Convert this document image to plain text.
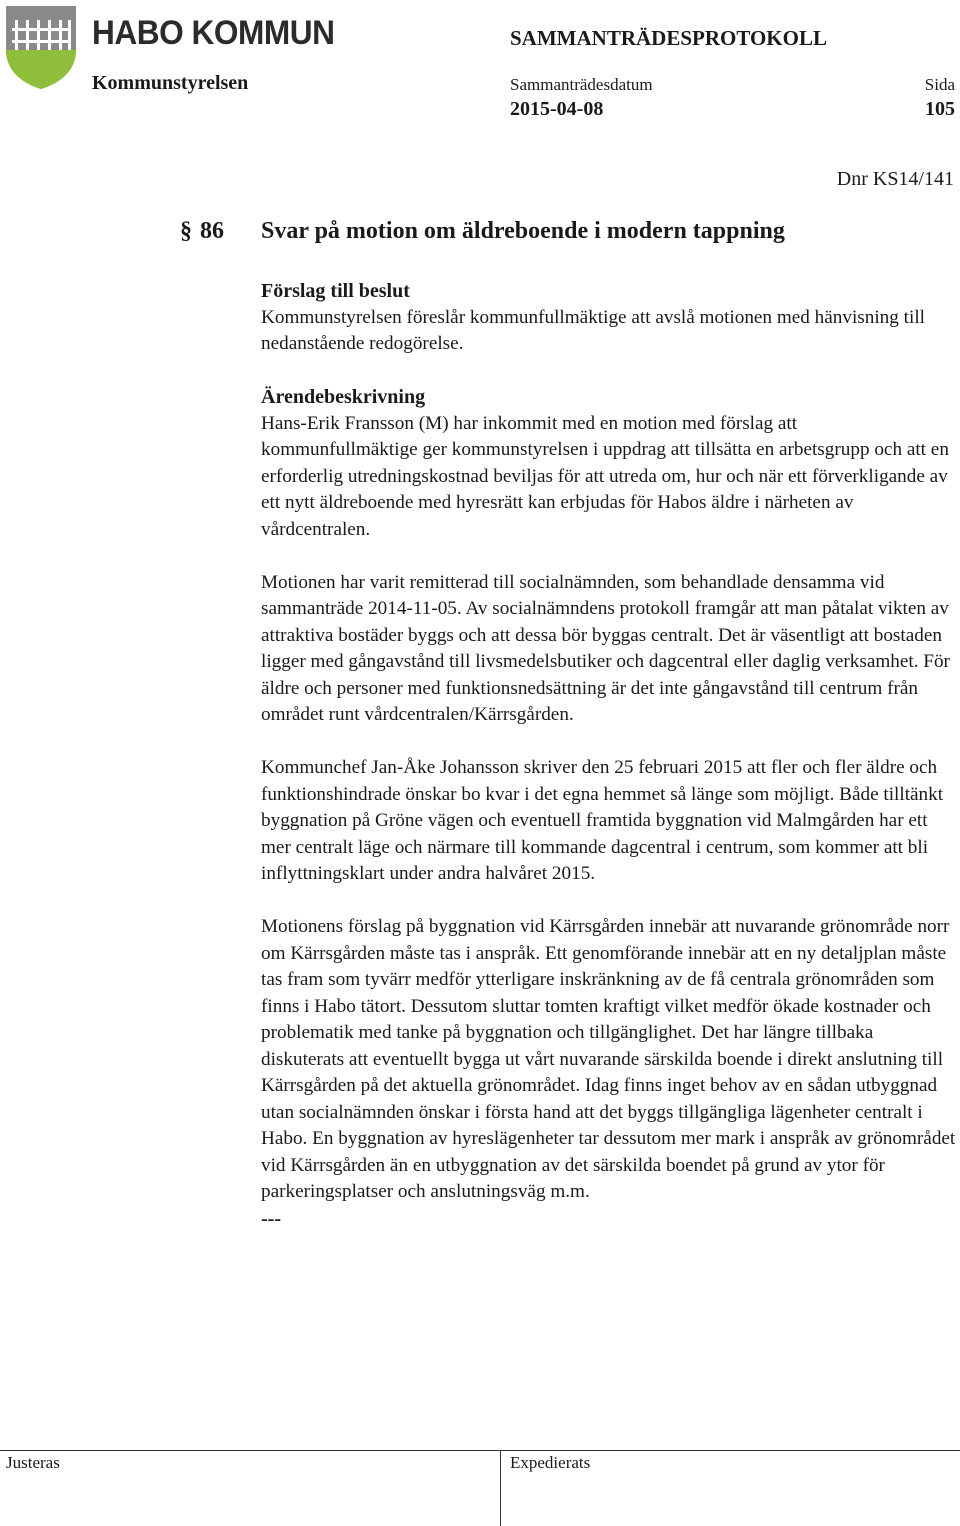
HABO KOMMUN	SAMMANTRÄDESPROTOKOLL
Kommunstyrelsen	Sammanträdesdatum
2015-04-08
Sida
105
Dnr KS14/141
§ 86 Svar på motion om äldreboende i modern tappning
Förslag till beslut

Kommunstyrelsen föreslår kommunfullmäktige att avslå motionen med hänvisning till nedanstående redogörelse.

Ärendebeskrivning

Hans-Erik Fransson (M) har inkommit med en motion med förslag att kommunfullmäktige ger kommunstyrelsen i uppdrag att tillsätta en arbetsgrupp och att en erforderlig utredningskostnad beviljas för att utreda om, hur och när ett förverkligande av ett nytt äldreboende med hyresrätt kan erbjudas för Habos äldre i närheten av vårdcentralen.

Motionen har varit remitterad till socialnämnden, som behandlade densamma vid sammanträde 2014-11-05. Av socialnämndens protokoll framgår att man påtalat vikten av attraktiva bostäder byggs och att dessa bör byggas centralt. Det är väsentligt att bostaden ligger med gångavstånd till livsmedelsbutiker och dagcentral eller daglig verksamhet. För äldre och personer med funktionsnedsättning är det inte gångavstånd till centrum från området runt vårdcentralen/Kärrsgården.

Kommunchef Jan-Åke Johansson skriver den 25 februari 2015 att fler och fler äldre och funktionshindrade önskar bo kvar i det egna hemmet så länge som möjligt. Både tilltänkt byggnation på Gröne vägen och eventuell framtida byggnation vid Malmgården har ett mer centralt läge och närmare till kommande dagcentral i centrum, som kommer att bli inflyttningsklart under andra halvåret 2015.

Motionens förslag på byggnation vid Kärrsgården innebär att nuvarande grönområde norr om Kärrsgården måste tas i anspråk. Ett genomförande innebär att en ny detaljplan måste tas fram som tyvärr medför ytterligare inskränkning av de få centrala grönområden som finns i Habo tätort. Dessutom sluttar tomten kraftigt vilket medför ökade kostnader och problematik med tanke på byggnation och tillgänglighet. Det har längre tillbaka diskuterats att eventuellt bygga ut vårt nuvarande särskilda boende i direkt anslutning till Kärrsgården på det aktuella grönområdet. Idag finns inget behov av en sådan utbyggnad utan socialnämnden önskar i första hand att det byggs tillgängliga lägenheter centralt i Habo. En byggnation av hyreslägenheter tar dessutom mer mark i anspråk av grönområdet vid Kärrsgården än en utbyggnation av det särskilda boendet på grund av ytor för parkeringsplatser och anslutningsväg m.m.

---

Justeras	Expedierats
